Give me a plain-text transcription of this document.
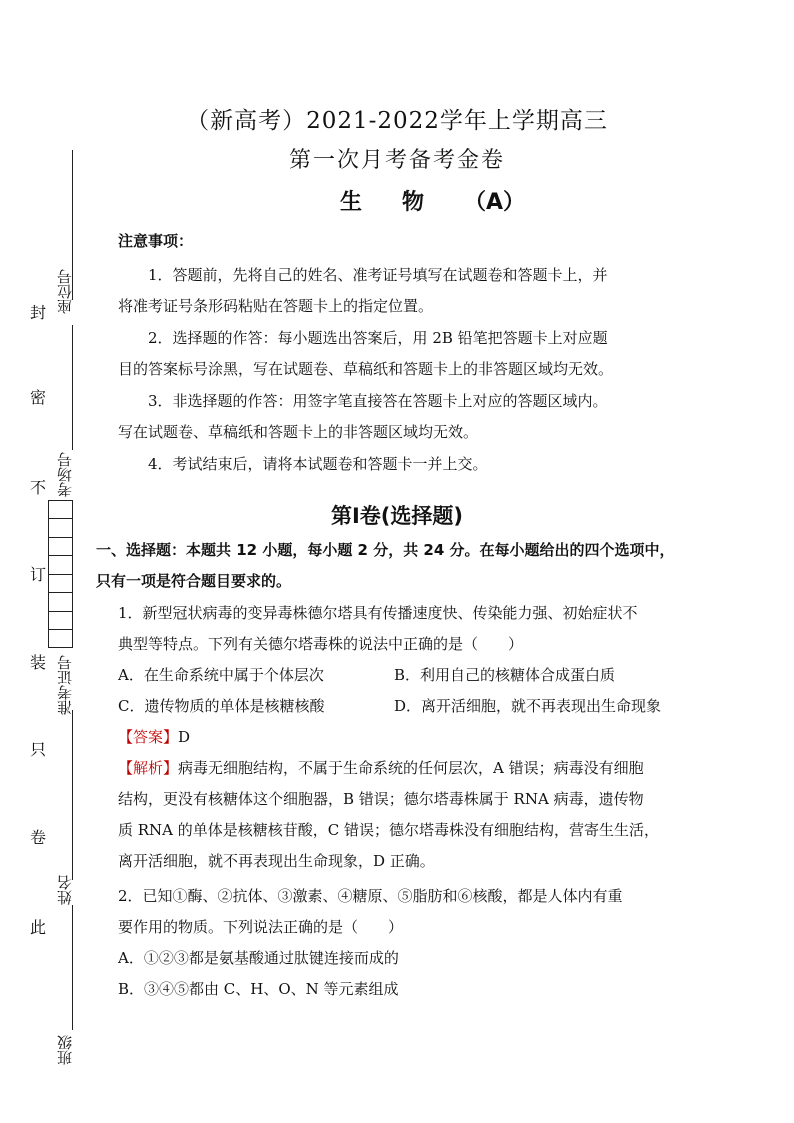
座位号
考场号
准考证号
姓名
班级
封
密
不
订
装
只
卷
此
（新高考）2021-2022学年上学期高三
第一次月考备考金卷
生 物 （A）
注意事项：
1．答题前，先将自己的姓名、准考证号填写在试题卷和答题卡上，并
将准考证号条形码粘贴在答题卡上的指定位置。
2．选择题的作答：每小题选出答案后，用 2B 铅笔把答题卡上对应题
目的答案标号涂黑，写在试题卷、草稿纸和答题卡上的非答题区域均无效。
3．非选择题的作答：用签字笔直接答在答题卡上对应的答题区域内。
写在试题卷、草稿纸和答题卡上的非答题区域均无效。
4．考试结束后，请将本试题卷和答题卡一并上交。
第Ⅰ卷(选择题)
一、选择题：本题共 12 小题，每小题 2 分，共 24 分。在每小题给出的四个选项中，
只有一项是符合题目要求的。
1．新型冠状病毒的变异毒株德尔塔具有传播速度快、传染能力强、初始症状不
典型等特点。下列有关德尔塔毒株的说法中正确的是（　　）
A．在生命系统中属于个体层次	B．利用自己的核糖体合成蛋白质
C．遗传物质的单体是核糖核酸	D．离开活细胞，就不再表现出生命现象
【答案】D
【解析】病毒无细胞结构，不属于生命系统的任何层次，A 错误；病毒没有细胞
结构，更没有核糖体这个细胞器，B 错误；德尔塔毒株属于 RNA 病毒，遗传物
质 RNA 的单体是核糖核苷酸，C 错误；德尔塔毒株没有细胞结构，营寄生生活，
离开活细胞，就不再表现出生命现象，D 正确。
2．已知①酶、②抗体、③激素、④糖原、⑤脂肪和⑥核酸，都是人体内有重
要作用的物质。下列说法正确的是（　　）
A．①②③都是氨基酸通过肽键连接而成的
B．③④⑤都由 C、H、O、N 等元素组成
